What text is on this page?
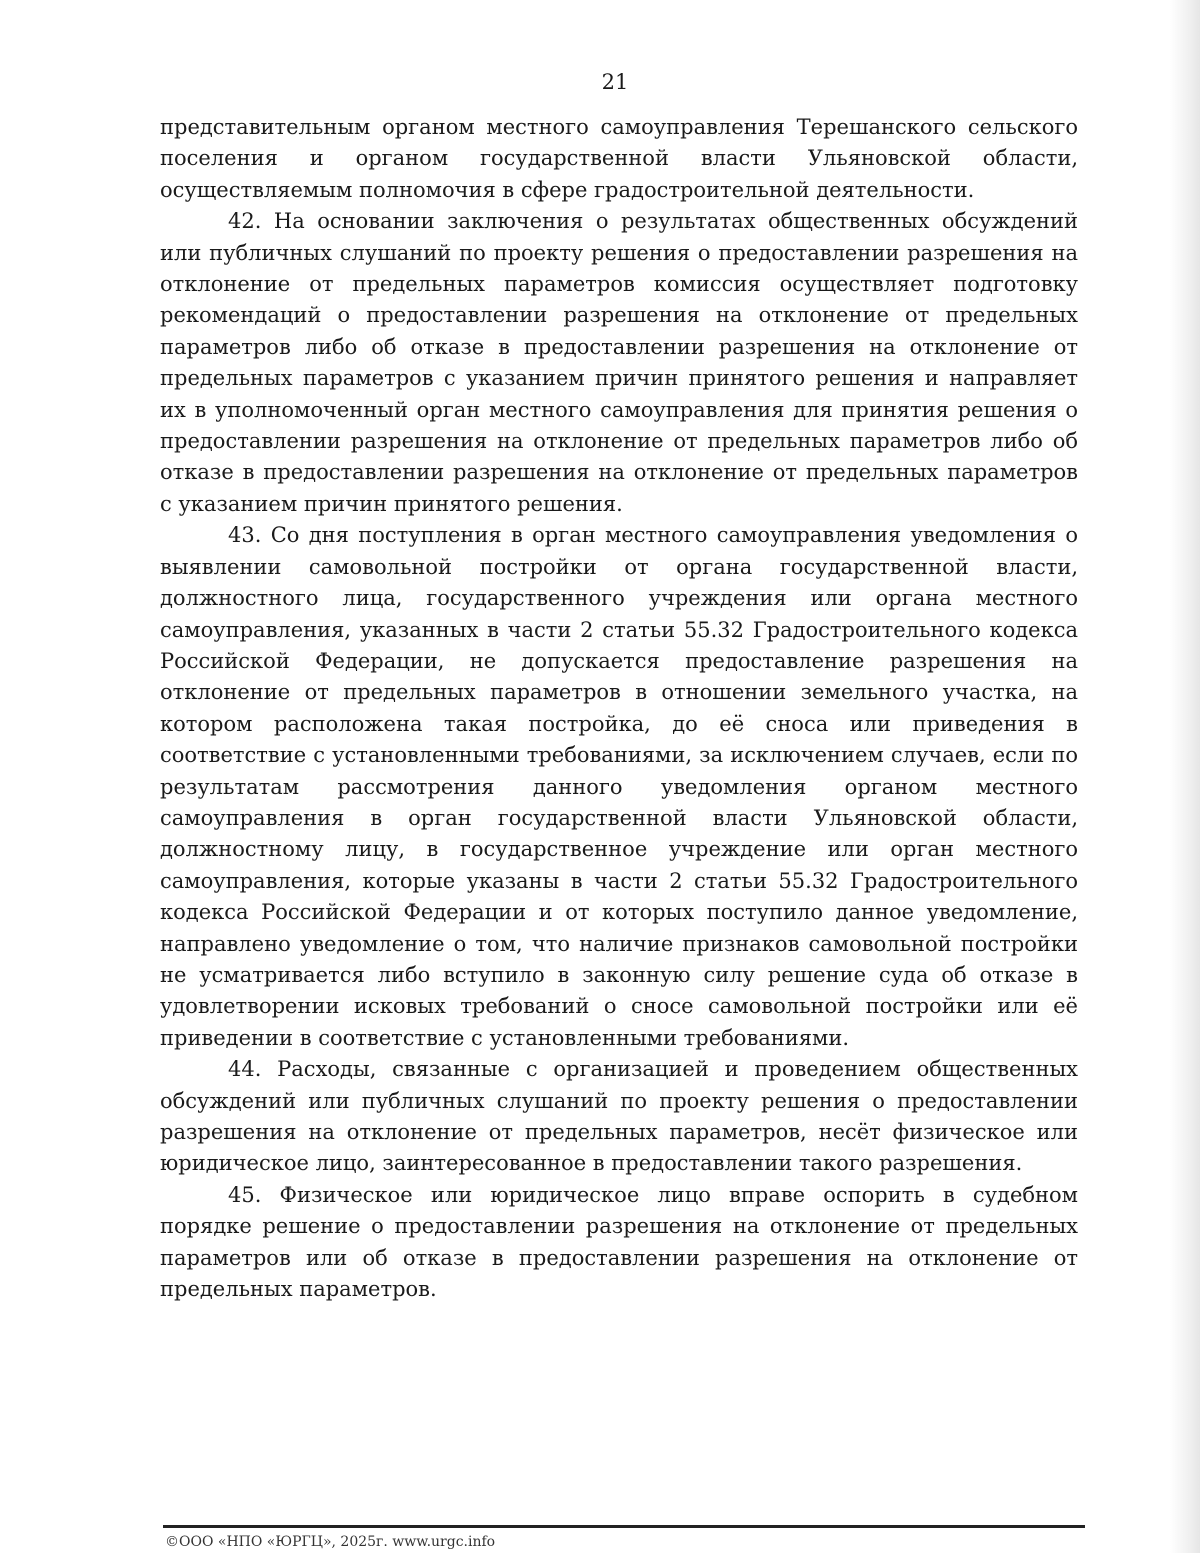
21

представительным органом местного самоуправления Терешанского сельского поселения и органом государственной власти Ульяновской области, осуществляемым полномочия в сфере градостроительной деятельности.

42. На основании заключения о результатах общественных обсуждений или публичных слушаний по проекту решения о предоставлении разрешения на отклонение от предельных параметров комиссия осуществляет подготовку рекомендаций о предоставлении разрешения на отклонение от предельных параметров либо об отказе в предоставлении разрешения на отклонение от предельных параметров с указанием причин принятого решения и направляет их в уполномоченный орган местного самоуправления для принятия решения о предоставлении разрешения на отклонение от предельных параметров либо об отказе в предоставлении разрешения на отклонение от предельных параметров с указанием причин принятого решения.

43. Со дня поступления в орган местного самоуправления уведомления о выявлении самовольной постройки от органа государственной власти, должностного лица, государственного учреждения или органа местного самоуправления, указанных в части 2 статьи 55.32 Градостроительного кодекса Российской Федерации, не допускается предоставление разрешения на отклонение от предельных параметров в отношении земельного участка, на котором расположена такая постройка, до её сноса или приведения в соответствие с установленными требованиями, за исключением случаев, если по результатам рассмотрения данного уведомления органом местного самоуправления в орган государственной власти Ульяновской области, должностному лицу, в государственное учреждение или орган местного самоуправления, которые указаны в части 2 статьи 55.32 Градостроительного кодекса Российской Федерации и от которых поступило данное уведомление, направлено уведомление о том, что наличие признаков самовольной постройки не усматривается либо вступило в законную силу решение суда об отказе в удовлетворении исковых требований о сносе самовольной постройки или её приведении в соответствие с установленными требованиями.

44. Расходы, связанные с организацией и проведением общественных обсуждений или публичных слушаний по проекту решения о предоставлении разрешения на отклонение от предельных параметров, несёт физическое или юридическое лицо, заинтересованное в предоставлении такого разрешения.

45. Физическое или юридическое лицо вправе оспорить в судебном порядке решение о предоставлении разрешения на отклонение от предельных параметров или об отказе в предоставлении разрешения на отклонение от предельных параметров.

©ООО «НПО «ЮРГЦ», 2025г. www.urgc.info
